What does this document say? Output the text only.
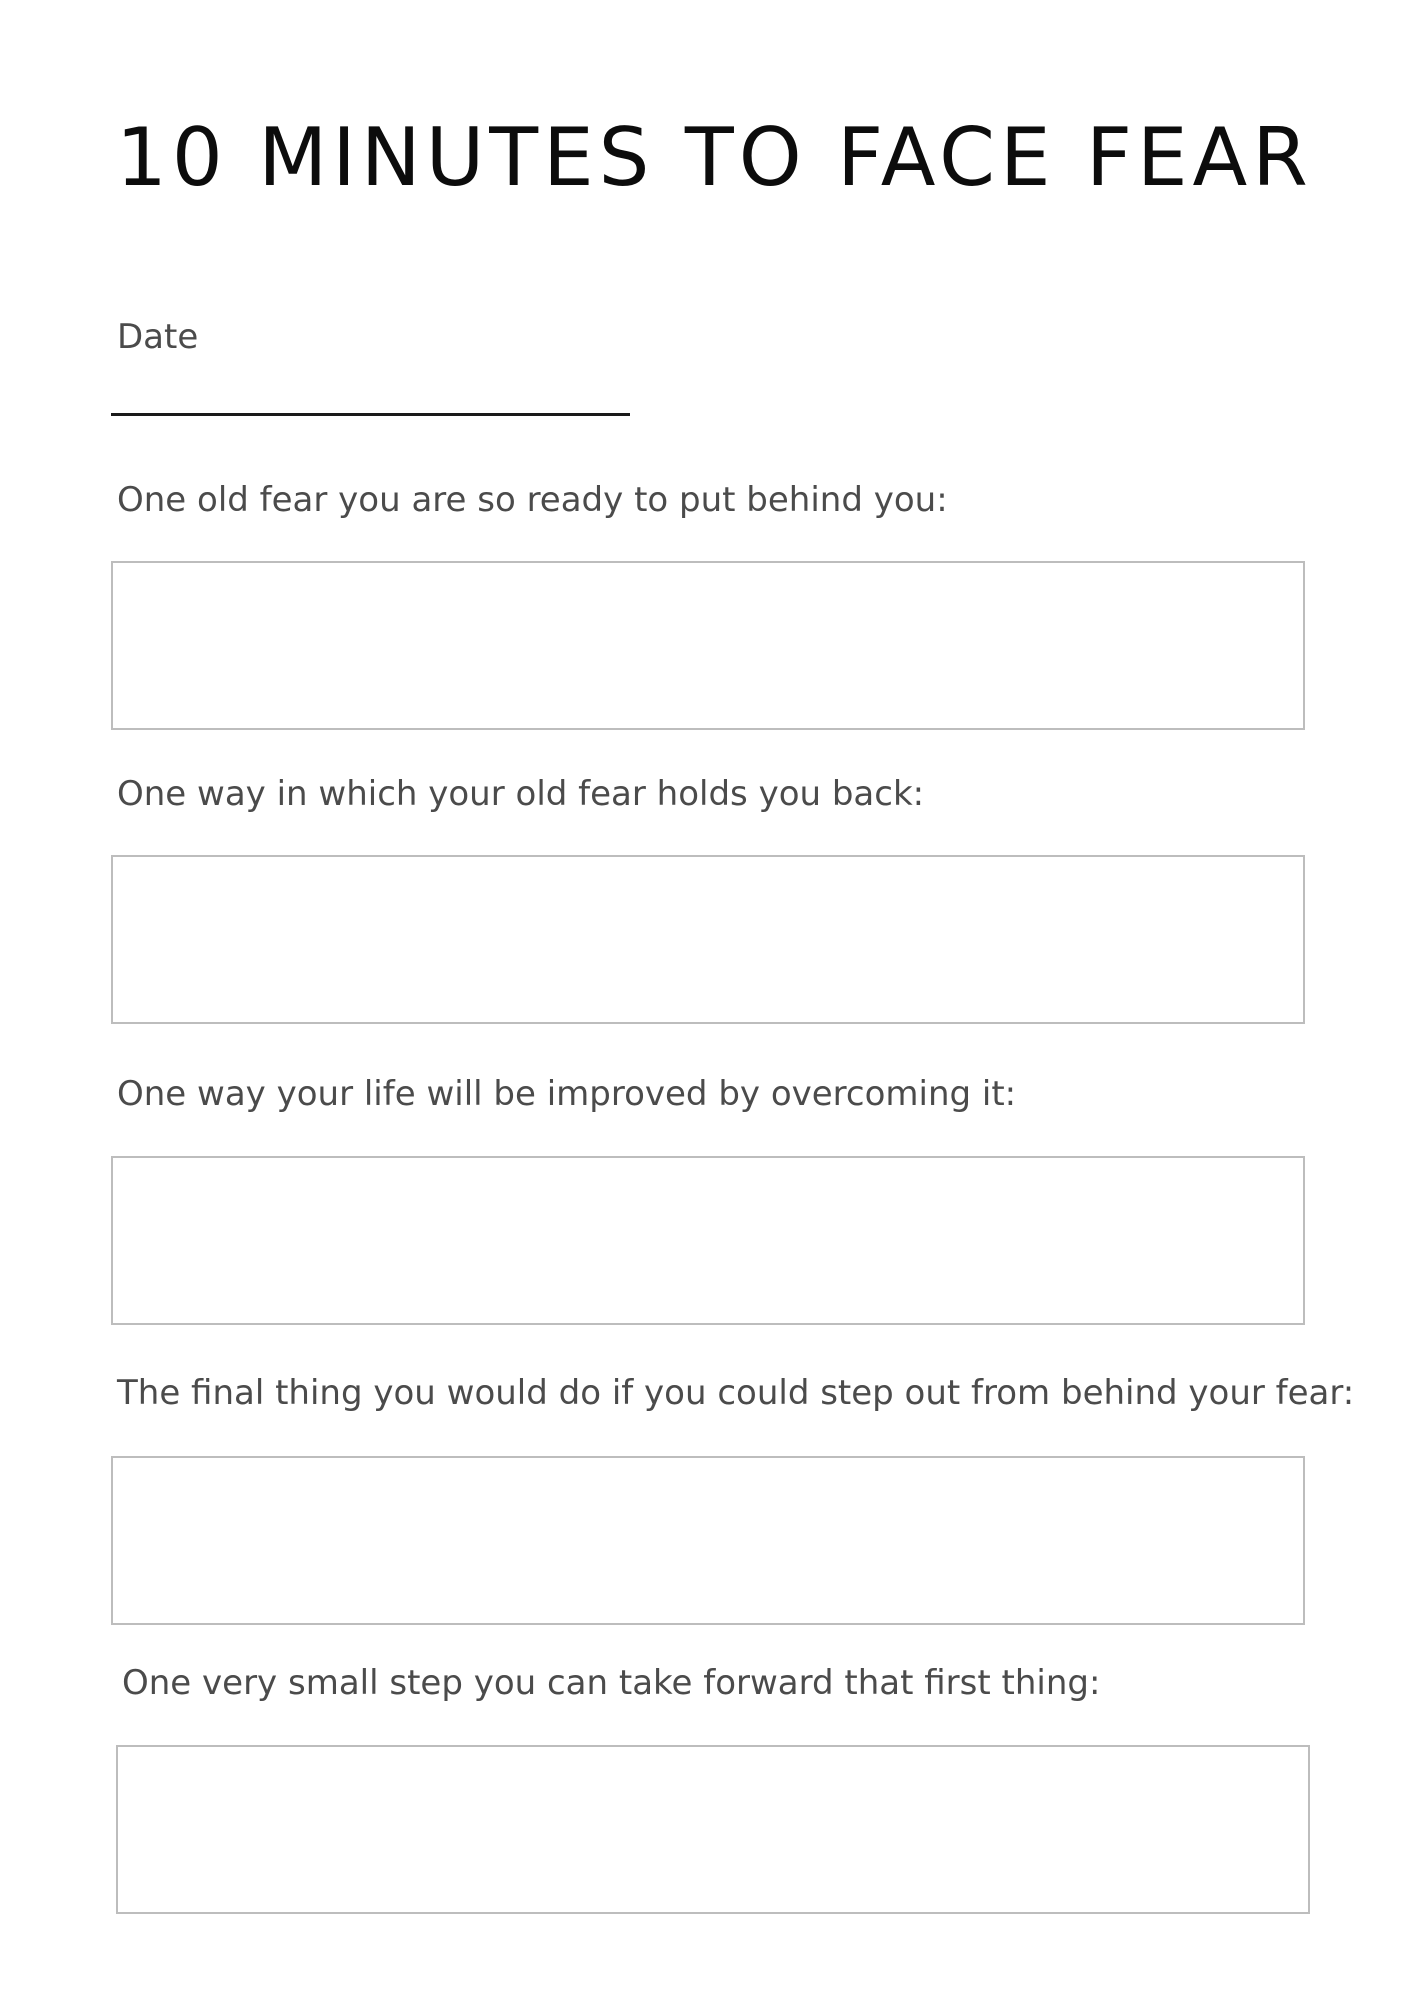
10 MINUTES TO FACE FEAR
Date
One old fear you are so ready to put behind you:
One way in which your old fear holds you back:
One way your life will be improved by overcoming it:
The final thing you would do if you could step out from behind your fear:
One very small step you can take forward that first thing:
